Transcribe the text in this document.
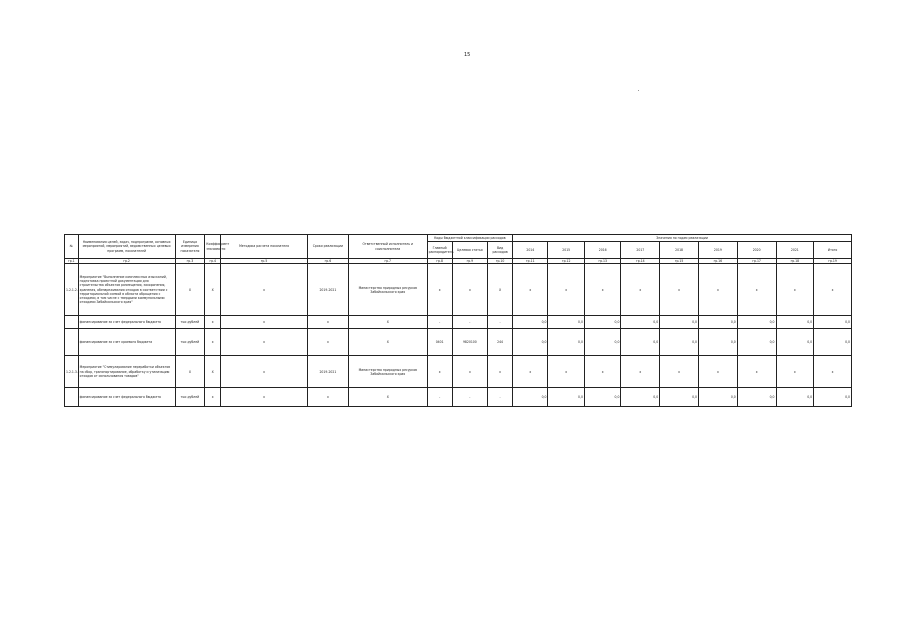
15
№	Наименования целей, задач, подпрограмм, основных мероприятий, мероприятий, ведомственных целевых программ, показателей	Единица измерения показателя	Коэффициент значимости	Методика расчета показателя	Сроки реализации	Ответственный исполнитель и соисполнители	Коды бюджетной классификации расходов			Значения по годам реализации								
							Главный распорядитель	Целевая статья	Вид расходов	2014	2015	2016	2017	2018	2019	2020	2021	Итого
гр.1	гр.2	гр.3	гр.4	гр.5	гр.6	гр.7	гр.8	гр.9	гр.10	гр.11	гр.12	гр.13	гр.14	гр.15	гр.16	гр.17	гр.18	гр.19
1.2.1.2.	Мероприятие "Выполнение комплексных изысканий, подготовка проектной документации для строительства объектов размещения, захоронения, хранения, обезвреживания отходов в соответствии с территориальной схемой в области обращения с отходами, в том числе с твердыми коммунальными отходами Забайкальского края"	X	X	x	2019-2021	Министерство природных ресурсов Забайкальского края	x	x	X	x	x	x	x	x	x	x	x	x
	финансирование за счет федерального бюджета	тыс.рублей	x	x	x	X	-	-	-	0,0	0,0	0,0	0,0	0,0	0,0	0,0	0,0	0,0
	финансирование за счет краевого бюджета	тыс.рублей	x	x	x	X	0401	9820100	244	0,0	0,0	0,0	0,0	0,0	0,0	0,0	0,0	0,0
1.2.1.3.	Мероприятие "Стимулирование переработки объектов на сбор, транспортирование, обработку и утилизацию отходов от использования товаров"	X	X	x	2019-2021	Министерство природных ресурсов Забайкальского края	x	x	x	x	x	x	x	x	x	x	x	x
	финансирование за счет федерального бюджета	тыс.рублей	x	x	x	X	-	-	-	0,0	0,0	0,0	0,0	0,0	0,0	0,0	0,0	0,0
